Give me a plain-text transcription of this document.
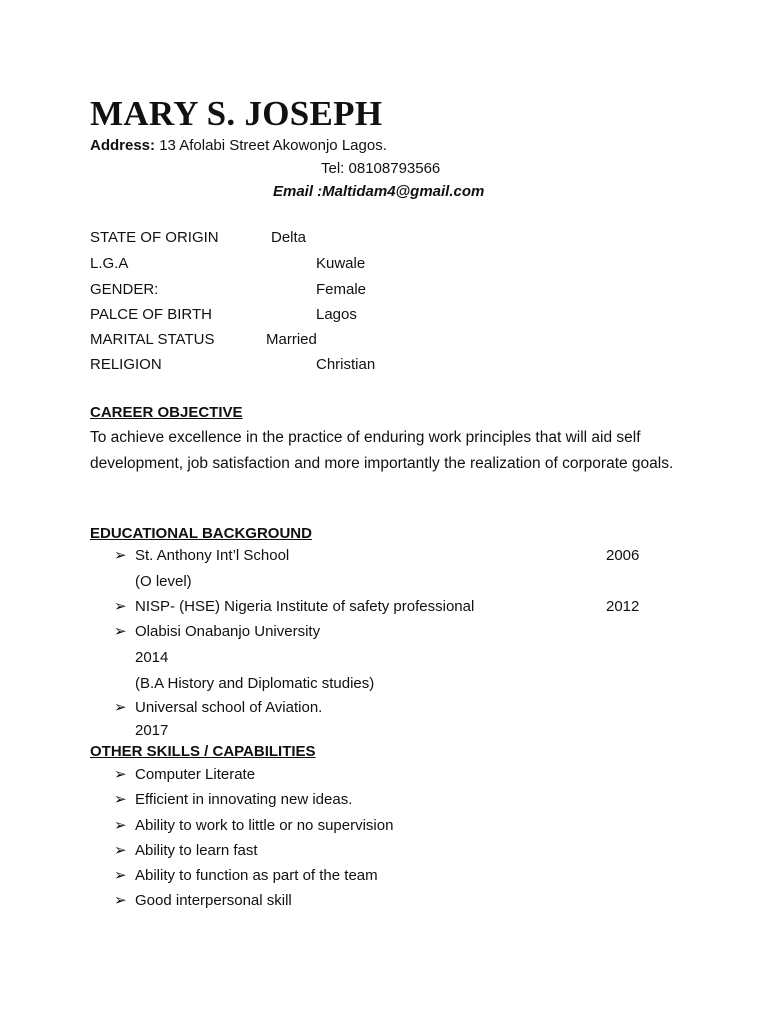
MARY S. JOSEPH
Address: 13 Afolabi Street Akowonjo Lagos.
Tel: 08108793566
Email :Maltidam4@gmail.com
STATE OF ORIGIN	Delta
L.G.A	Kuwale
GENDER:	Female
PALCE OF BIRTH	Lagos
MARITAL STATUS	Married
RELIGION	Christian
CAREER OBJECTIVE
To achieve excellence in the practice of enduring work principles that will aid self development, job satisfaction and more importantly the realization of corporate goals.
EDUCATIONAL BACKGROUND
➢ St. Anthony Int’l School	2006
(O level)
➢ NISP- (HSE) Nigeria Institute of safety professional	2012
➢ Olabisi Onabanjo University
2014
(B.A History and Diplomatic studies)
➢ Universal school of Aviation.
2017
OTHER SKILLS / CAPABILITIES
➢ Computer Literate
➢ Efficient in innovating new ideas.
➢ Ability to work to little or no supervision
➢ Ability to learn fast
➢ Ability to function as part of the team
➢ Good interpersonal skill
